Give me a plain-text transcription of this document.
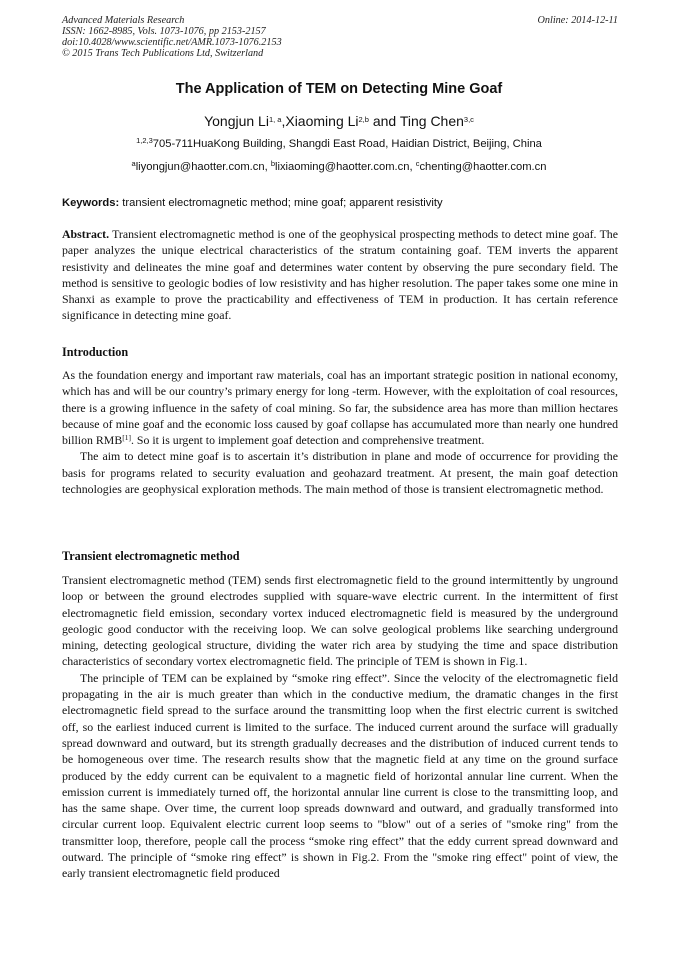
Advanced Materials Research	Online: 2014-12-11
ISSN: 1662-8985, Vols. 1073-1076, pp 2153-2157
doi:10.4028/www.scientific.net/AMR.1073-1076.2153
© 2015 Trans Tech Publications Ltd, Switzerland
The Application of TEM on Detecting Mine Goaf
Yongjun Li$^{1, a}$,Xiaoming Li$^{2,b}$ and Ting Chen$^{3,c}$
$^{1,2,3}$705-711HuaKong Building, Shangdi East Road, Haidian District, Beijing, China
$^a$liyongjun@haotter.com.cn, $^b$lixiaoming@haotter.com.cn, $^c$chenting@haotter.com.cn
Keywords: transient electromagnetic method; mine goaf; apparent resistivity

Abstract. Transient electromagnetic method is one of the geophysical prospecting methods to detect mine goaf. The paper analyzes the unique electrical characteristics of the stratum containing goaf. TEM inverts the apparent resistivity and delineates the mine goaf and determines water content by observing the pure secondary field. The method is sensitive to geologic bodies of low resistivity and has higher resolution. The paper takes some one mine in Shanxi as example to prove the practicability and effectiveness of TEM in production. It has certain reference significance in detecting mine goaf.

Introduction

As the foundation energy and important raw materials, coal has an important strategic position in national economy, which has and will be our country’s primary energy for long -term. However, with the exploitation of coal resources, there is a growing influence in the safety of coal mining. So far, the subsidence area has more than million hectares because of mine goaf and the economic loss caused by goaf collapse has accumulated more than nearly one hundred billion RMB[1]. So it is urgent to implement goaf detection and comprehensive treatment.

The aim to detect mine goaf is to ascertain it’s distribution in plane and mode of occurrence for providing the basis for programs related to security evaluation and geohazard treatment. At present, the main goaf detection technologies are geophysical exploration methods. The main method of those is transient electromagnetic method.

Transient electromagnetic method

Transient electromagnetic method (TEM) sends first electromagnetic field to the ground intermittently by unground loop or between the ground electrodes supplied with square-wave electric current. In the intermittent of first electromagnetic field emission, secondary vortex induced electromagnetic field is measured by the underground geologic good conductor with the receiving loop. We can solve geological problems like searching underground mining, detecting geological structure, dividing the water rich area by studying the time and space distribution characteristics of secondary vortex electromagnetic field. The principle of TEM is shown in Fig.1.

The principle of TEM can be explained by “smoke ring effect”. Since the velocity of the electromagnetic field propagating in the air is much greater than which in the conductive medium, the dramatic changes in the first electromagnetic field spread to the surface around the transmitting loop when the first electric current is switched off, so the earliest induced current is limited to the surface. The induced current around the surface will gradually spread downward and outward, but its strength gradually decreases and the distribution of induced current tends to be homogeneous over time. The research results show that the magnetic field at any time on the ground surface produced by the eddy current can be equivalent to a magnetic field of horizontal annular line current. When the emission current is immediately turned off, the horizontal annular line current is close to the transmitting loop, and has the same shape. Over time, the current loop spreads downward and outward, and gradually transformed into circular current loop. Equivalent electric current loop seems to "blow" out of a series of "smoke ring" from the transmitter loop, therefore, people call the process “smoke ring effect” that the eddy current spread downward and outward. The principle of “smoke ring effect” is shown in Fig.2. From the "smoke ring effect" point of view, the early transient electromagnetic field produced
